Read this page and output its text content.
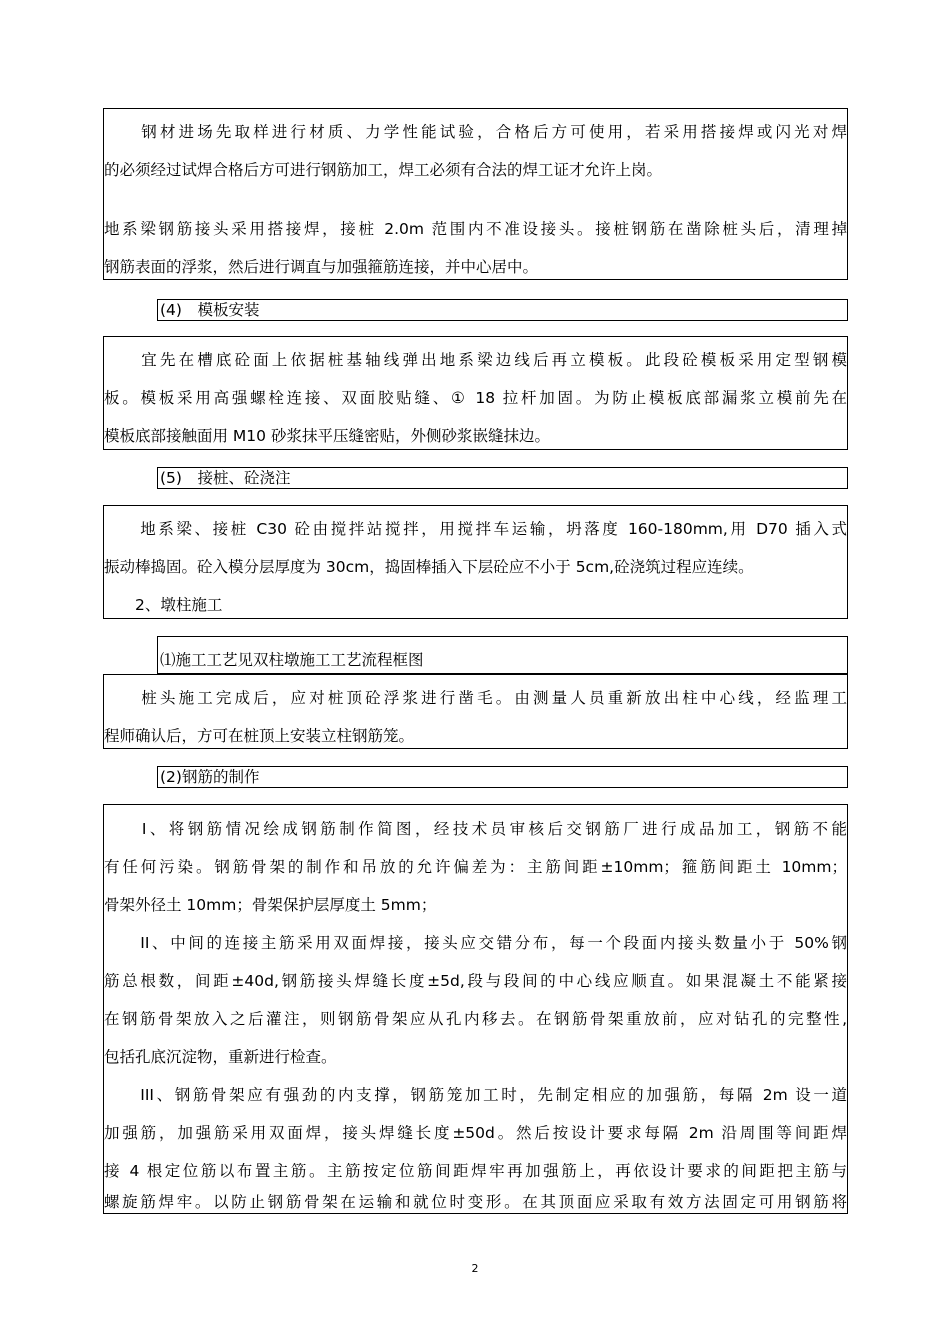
　　钢材进场先取样进行材质、力学性能试验，合格后方可使用，若采用搭接焊或闪光对焊

的必须经过试焊合格后方可进行钢筋加工，焊工必须有合法的焊工证才允许上岗。

地系梁钢筋接头采用搭接焊，接桩 2.0m 范围内不准设接头。接桩钢筋在凿除桩头后，清理掉

钢筋表面的浮浆，然后进行调直与加强箍筋连接，并中心居中。

(4)　模板安装

　　宜先在槽底砼面上依据桩基轴线弹出地系梁边线后再立模板。此段砼模板采用定型钢模

板。模板采用高强螺栓连接、双面胶贴缝、① 18 拉杆加固。为防止模板底部漏浆立模前先在

模板底部接触面用 M10 砂浆抹平压缝密贴，外侧砂浆嵌缝抹边。

(5)　接桩、砼浇注

　　地系梁、接桩 C30 砼由搅拌站搅拌，用搅拌车运输，坍落度 160-180mm,用 D70 插入式

振动棒捣固。砼入模分层厚度为 30cm，捣固棒插入下层砼应不小于 5cm,砼浇筑过程应连续。

　　2、墩柱施工

⑴施工工艺见双柱墩施工工艺流程框图

　　桩头施工完成后，应对桩顶砼浮浆进行凿毛。由测量人员重新放出柱中心线，经监理工

程师确认后，方可在桩顶上安装立柱钢筋笼。

(2)钢筋的制作

　　I、将钢筋情况绘成钢筋制作简图，经技术员审核后交钢筋厂进行成品加工，钢筋不能

有任何污染。钢筋骨架的制作和吊放的允许偏差为：主筋间距±10mm；箍筋间距土 10mm；

骨架外径土 10mm；骨架保护层厚度土 5mm；

　　II、中间的连接主筋采用双面焊接，接头应交错分布，每一个段面内接头数量小于 50%钢

筋总根数，间距±40d,钢筋接头焊缝长度±5d,段与段间的中心线应顺直。如果混凝土不能紧接

在钢筋骨架放入之后灌注，则钢筋骨架应从孔内移去。在钢筋骨架重放前，应对钻孔的完整性,

包括孔底沉淀物，重新进行检查。

　　III、钢筋骨架应有强劲的内支撑，钢筋笼加工时，先制定相应的加强筋，每隔 2m 设一道

加强筋，加强筋采用双面焊，接头焊缝长度±50d。然后按设计要求每隔 2m 沿周围等间距焊

接 4 根定位筋以布置主筋。主筋按定位筋间距焊牢再加强筋上，再依设计要求的间距把主筋与

螺旋筋焊牢。以防止钢筋骨架在运输和就位时变形。在其顶面应采取有效方法固定可用钢筋将

2
